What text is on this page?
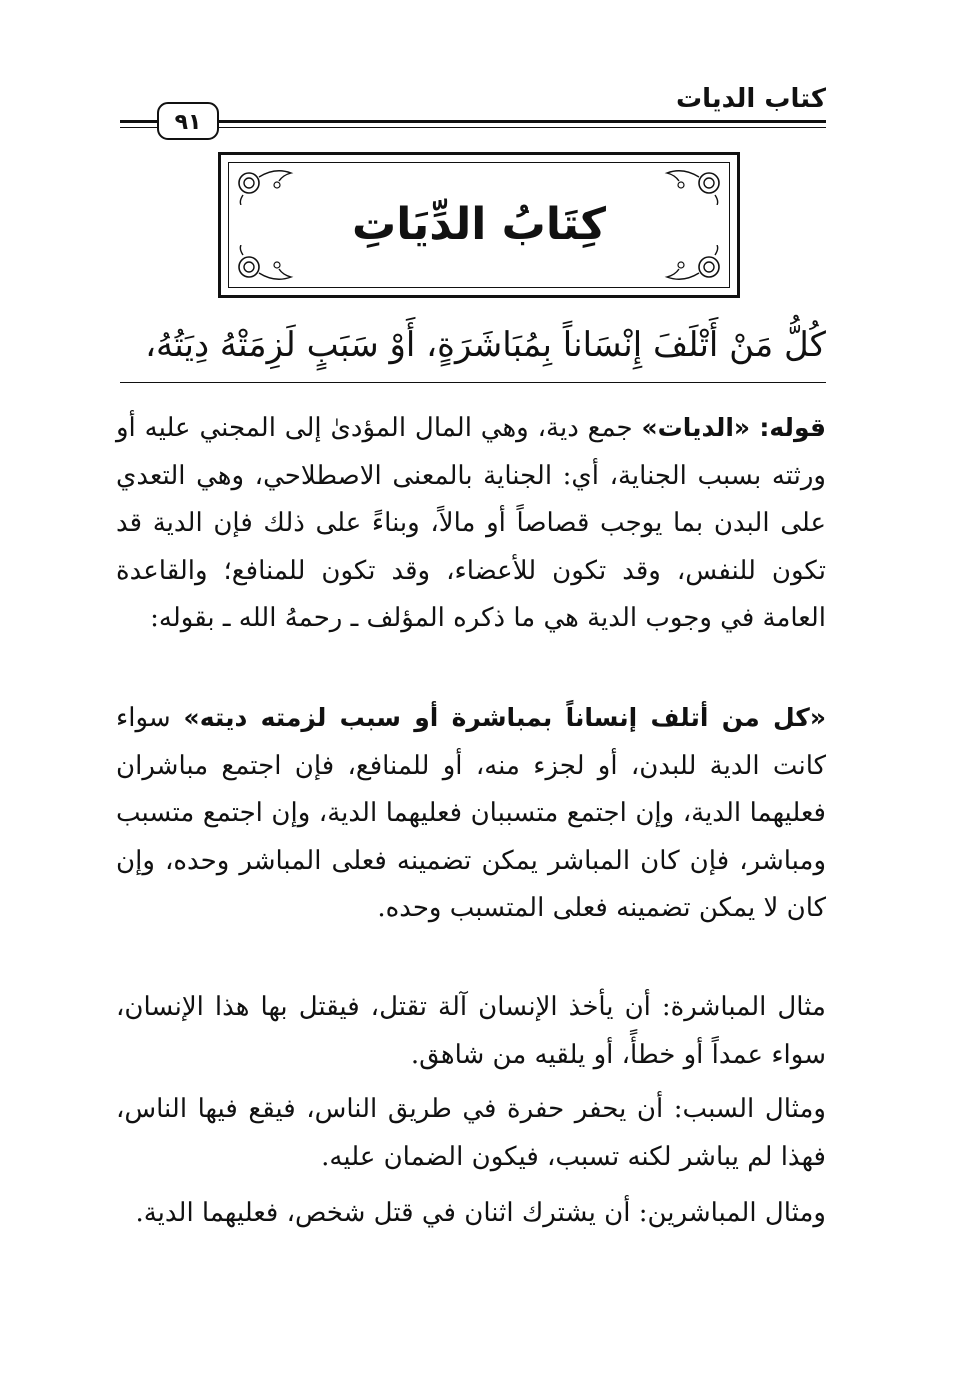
كتاب الديات
٩١
كِتَابُ الدِّيَاتِ
كُلُّ مَنْ أَتْلَفَ إِنْسَاناً بِمُبَاشَرَةٍ، أَوْ سَبَبٍ لَزِمَتْهُ دِيَتُهُ،

قوله: «الديات» جمع دية، وهي المال المؤدىٰ إلى المجني عليه أو ورثته بسبب الجناية، أي: الجناية بالمعنى الاصطلاحي، وهي التعدي على البدن بما يوجب قصاصاً أو مالاً، وبناءً على ذلك فإن الدية قد تكون للنفس، وقد تكون للأعضاء، وقد تكون للمنافع؛ والقاعدة العامة في وجوب الدية هي ما ذكره المؤلف ـ رحمهُ الله ـ بقوله:

«كل من أتلف إنساناً بمباشرة أو سبب لزمته ديته» سواء كانت الدية للبدن، أو لجزء منه، أو للمنافع، فإن اجتمع مباشران فعليهما الدية، وإن اجتمع متسببان فعليهما الدية، وإن اجتمع متسبب ومباشر، فإن كان المباشر يمكن تضمينه فعلى المباشر وحده، وإن كان لا يمكن تضمينه فعلى المتسبب وحده.

مثال المباشرة: أن يأخذ الإنسان آلة تقتل، فيقتل بها هذا الإنسان، سواء عمداً أو خطأً، أو يلقيه من شاهق.

ومثال السبب: أن يحفر حفرة في طريق الناس، فيقع فيها الناس، فهذا لم يباشر لكنه تسبب، فيكون الضمان عليه.

ومثال المباشرين: أن يشترك اثنان في قتل شخص، فعليهما الدية.
